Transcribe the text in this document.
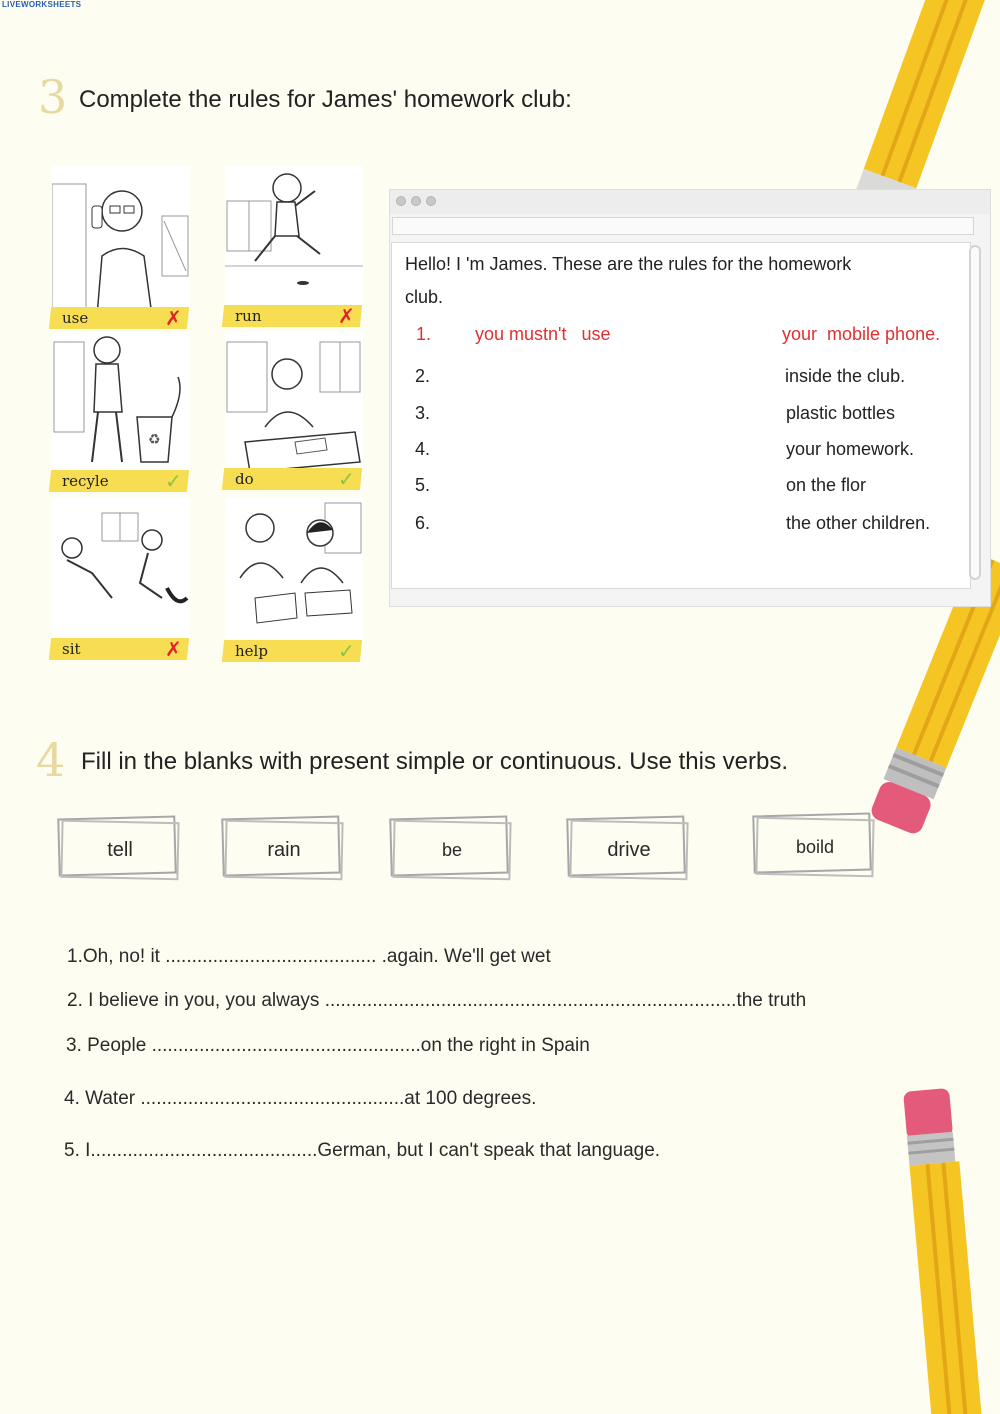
LIVEWORKSHEETS
3 Complete the rules for James' homework club:
use	✗	run	✗
♻
recyle	✓	do	✓
sit	✗	help	✓
Hello! I 'm James. These are the rules for the homework
club.
1. you mustn't   use	your  mobile phone.
2.	inside the club.
3.	plastic bottles
4.	your homework.
5.	on the flor
6.	the other children.
4 Fill in the blanks with present simple or continuous. Use this verbs.
tell	rain	be	drive	boild
1.Oh, no! it ........................................ .again. We'll get wet
2. I believe in you, you always ..............................................................................the truth
3. People ...................................................on the right in Spain
4. Water ..................................................at 100 degrees.
5. I...........................................German, but I can't speak that language.
